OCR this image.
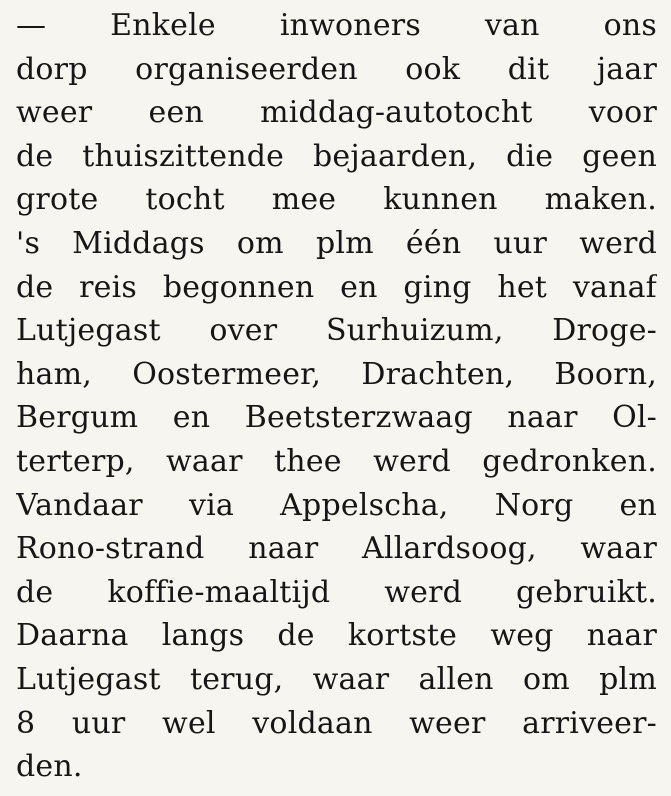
— Enkele inwoners van ons
dorp organiseerden ook dit jaar
weer een middag-autotocht voor
de thuiszittende bejaarden, die geen
grote tocht mee kunnen maken.
's Middags om plm één uur werd
de reis begonnen en ging het vanaf
Lutjegast over Surhuizum, Droge-
ham, Oostermeer, Drachten, Boorn,
Bergum en Beetsterzwaag naar Ol-
terterp, waar thee werd gedronken.
Vandaar via Appelscha, Norg en
Rono-strand naar Allardsoog, waar
de koffie-maaltijd werd gebruikt.
Daarna langs de kortste weg naar
Lutjegast terug, waar allen om plm
8 uur wel voldaan weer arriveer-
den.
